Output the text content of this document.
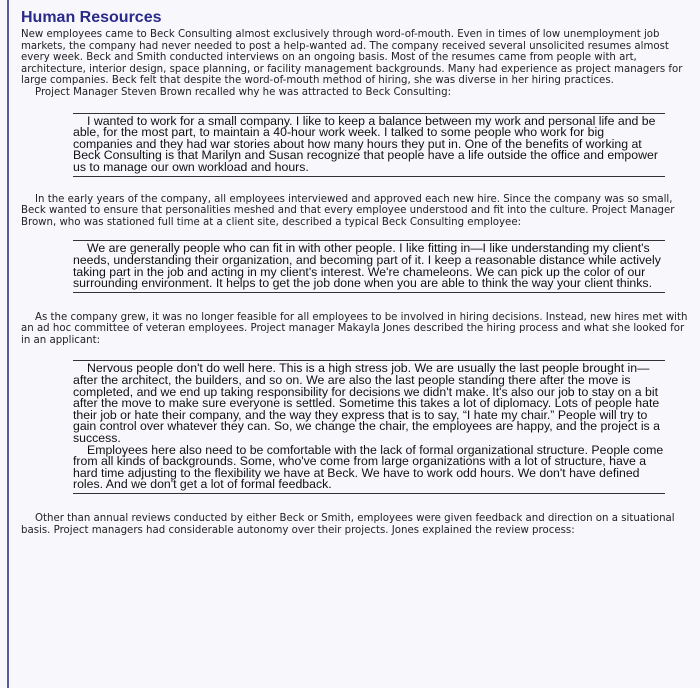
Human Resources

New employees came to Beck Consulting almost exclusively through word-of-mouth. Even in times of low unemployment job markets, the company had never needed to post a help-wanted ad. The company received several unsolicited resumes almost every week. Beck and Smith conducted interviews on an ongoing basis. Most of the resumes came from people with art, architecture, interior design, space planning, or facility management backgrounds. Many had experience as project managers for large companies. Beck felt that despite the word-of-mouth method of hiring, she was diverse in her hiring practices.

Project Manager Steven Brown recalled why he was attracted to Beck Consulting:

I wanted to work for a small company. I like to keep a balance between my work and personal life and be able, for the most part, to maintain a 40-hour work week. I talked to some people who work for big companies and they had war stories about how many hours they put in. One of the benefits of working at Beck Consulting is that Marilyn and Susan recognize that people have a life outside the office and empower us to manage our own workload and hours.

In the early years of the company, all employees interviewed and approved each new hire. Since the company was so small, Beck wanted to ensure that personalities meshed and that every employee understood and fit into the culture. Project Manager Brown, who was stationed full time at a client site, described a typical Beck Consulting employee:

We are generally people who can fit in with other people. I like fitting in—I like understanding my client's needs, understanding their organization, and becoming part of it. I keep a reasonable distance while actively taking part in the job and acting in my client's interest. We're chameleons. We can pick up the color of our surrounding environment. It helps to get the job done when you are able to think the way your client thinks.

As the company grew, it was no longer feasible for all employees to be involved in hiring decisions. Instead, new hires met with an ad hoc committee of veteran employees. Project manager Makayla Jones described the hiring process and what she looked for in an applicant:

Nervous people don't do well here. This is a high stress job. We are usually the last people brought in—after the architect, the builders, and so on. We are also the last people standing there after the move is completed, and we end up taking responsibility for decisions we didn't make. It's also our job to stay on a bit after the move to make sure everyone is settled. Sometime this takes a lot of diplomacy. Lots of people hate their job or hate their company, and the way they express that is to say, “I hate my chair.” People will try to gain control over whatever they can. So, we change the chair, the employees are happy, and the project is a success.

Employees here also need to be comfortable with the lack of formal organizational structure. People come from all kinds of backgrounds. Some, who've come from large organizations with a lot of structure, have a hard time adjusting to the flexibility we have at Beck. We have to work odd hours. We don't have defined roles. And we don't get a lot of formal feedback.

Other than annual reviews conducted by either Beck or Smith, employees were given feedback and direction on a situational basis. Project managers had considerable autonomy over their projects. Jones explained the review process:
